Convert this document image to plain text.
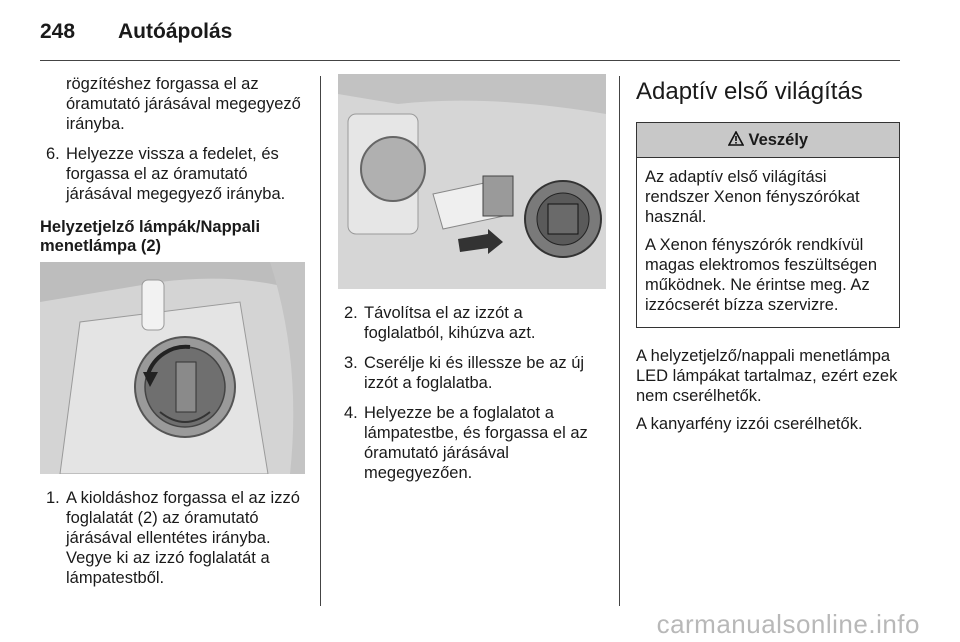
248 Autóápolás

rögzítéshez forgassa el az óramutató járásával megegyező irányba.

6. Helyezze vissza a fedelet, és forgassa el az óramutató járásával megegyező irányba.
Helyzetjelző lámpák/Nappali menetlámpa (2)
1. A kioldáshoz forgassa el az izzó foglalatát (2) az óramutató járásával ellentétes irányba. Vegye ki az izzó foglalatát a lámpatestből.
2. Távolítsa el az izzót a foglalatból, kihúzva azt.
3. Cserélje ki és illessze be az új izzót a foglalatba.
4. Helyezze be a foglalatot a lámpatestbe, és forgassa el az óramutató járásával megegyezően.
Adaptív első világítás
Veszély

Az adaptív első világítási rendszer Xenon fényszórókat használ.

A Xenon fényszórók rendkívül magas elektromos feszültségen működnek. Ne érintse meg. Az izzócserét bízza szervizre.

A helyzetjelző/nappali menetlámpa LED lámpákat tartalmaz, ezért ezek nem cserélhetők.

A kanyarfény izzói cserélhetők.

carmanualsonline.info
